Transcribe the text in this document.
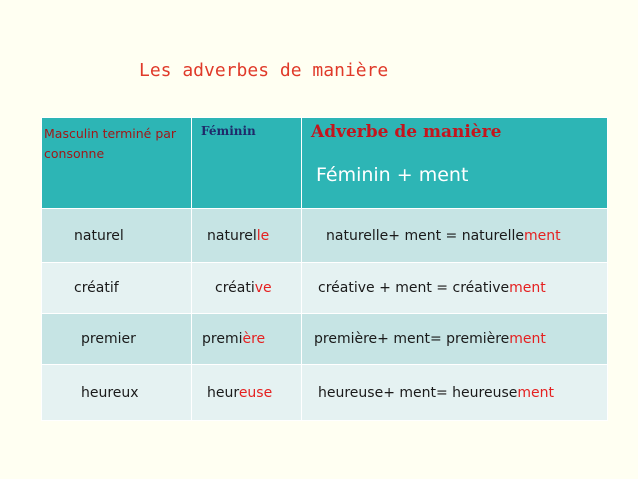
Les adverbes de manière
Masculin terminé par consonne	Féminin	Adverbe de manière
Féminin + ment

naturel	naturelle	naturelle+ ment = naturellement
créatif	créative	créative + ment = créativement
premier	première	première+ ment= premièrement
heureux	heureuse	heureuse+ ment= heureusement
